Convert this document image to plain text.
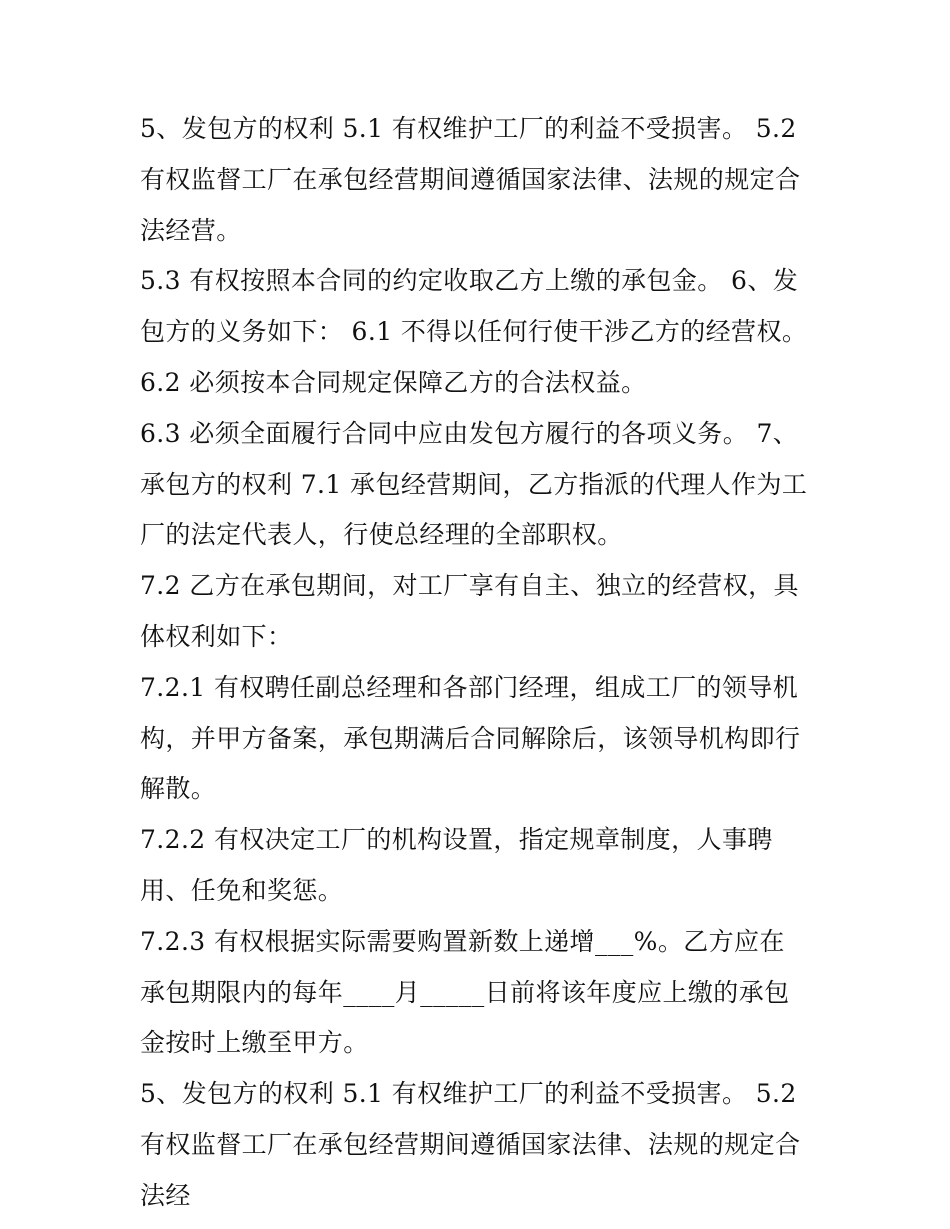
5、发包方的权利 5.1 有权维护工厂的利益不受损害。 5.2 有权监督工厂在承包经营期间遵循国家法律、法规的规定合法经营。

5.3 有权按照本合同的约定收取乙方上缴的承包金。 6、发包方的义务如下： 6.1 不得以任何行使干涉乙方的经营权。 6.2 必须按本合同规定保障乙方的合法权益。

6.3 必须全面履行合同中应由发包方履行的各项义务。 7、承包方的权利 7.1 承包经营期间，乙方指派的代理人作为工厂的法定代表人，行使总经理的全部职权。

7.2 乙方在承包期间，对工厂享有自主、独立的经营权，具体权利如下：

7.2.1 有权聘任副总经理和各部门经理，组成工厂的领导机构，并甲方备案，承包期满后合同解除后，该领导机构即行解散。

7.2.2 有权决定工厂的机构设置，指定规章制度，人事聘用、任免和奖惩。

7.2.3 有权根据实际需要购置新数上递增___%。乙方应在承包期限内的每年____月_____日前将该年度应上缴的承包金按时上缴至甲方。

5、发包方的权利 5.1 有权维护工厂的利益不受损害。 5.2 有权监督工厂在承包经营期间遵循国家法律、法规的规定合法经
